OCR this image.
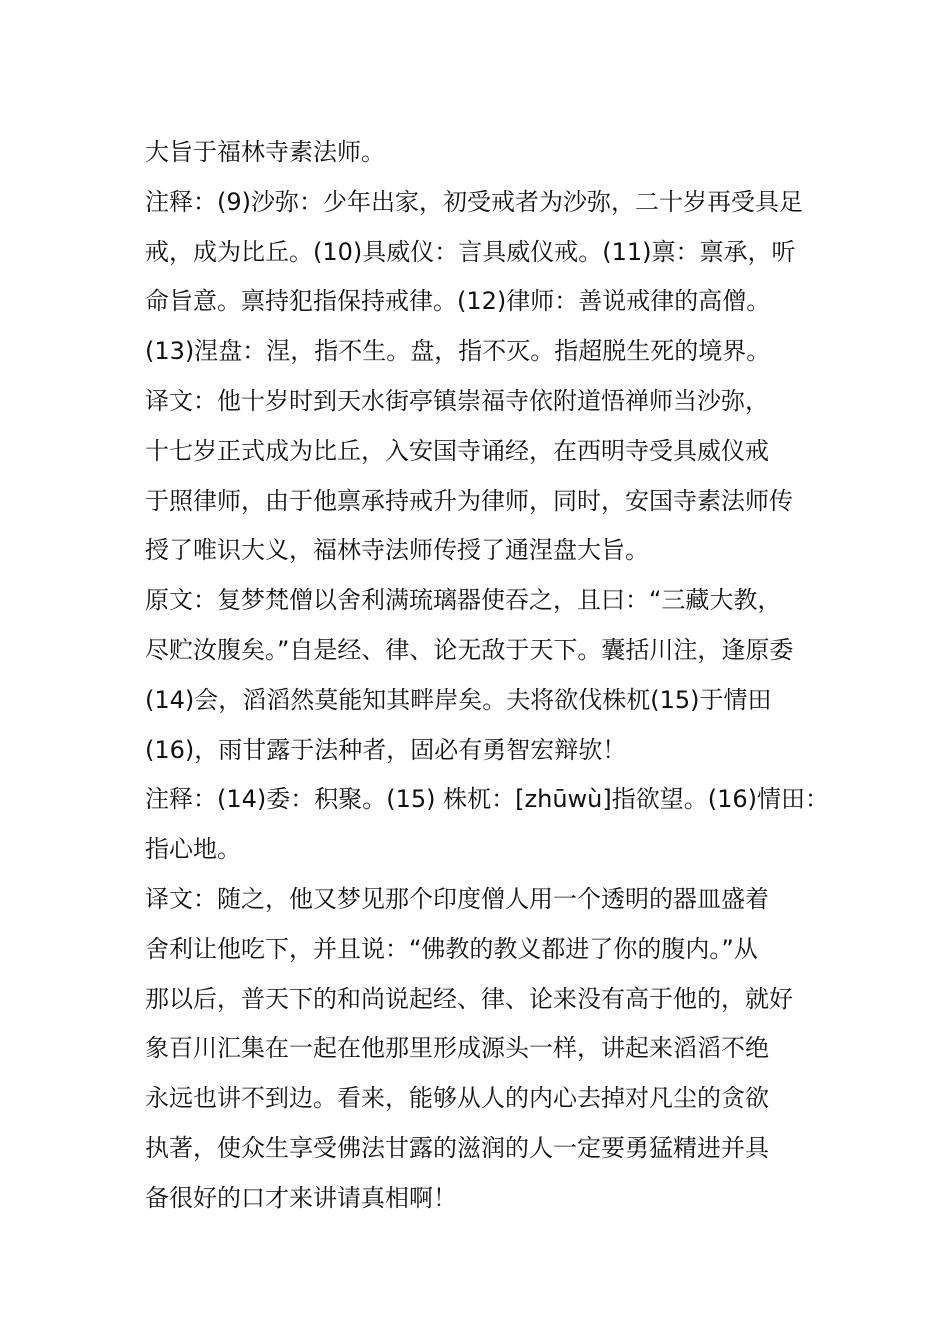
大旨于福林寺素法师。
注释：(9)沙弥：少年出家，初受戒者为沙弥，二十岁再受具足
戒，成为比丘。(10)具威仪：言具威仪戒。(11)禀：禀承，听
命旨意。禀持犯指保持戒律。(12)律师：善说戒律的高僧。
(13)涅盘：涅，指不生。盘，指不灭。指超脱生死的境界。
译文：他十岁时到天水街亭镇崇福寺依附道悟禅师当沙弥，
十七岁正式成为比丘，入安国寺诵经，在西明寺受具威仪戒
于照律师，由于他禀承持戒升为律师，同时，安国寺素法师传
授了唯识大义，福林寺法师传授了通涅盘大旨。
原文：复梦梵僧以舍利满琉璃器使吞之，且曰：“三藏大教，
尽贮汝腹矣。”自是经、律、论无敌于天下。囊括川注，逢原委
(14)会，滔滔然莫能知其畔岸矣。夫将欲伐株杌(15)于情田
(16)，雨甘露于法种者，固必有勇智宏辩欤！
注释：(14)委：积聚。(15) 株杌：[zhūwù]指欲望。(16)情田：
指心地。
译文：随之，他又梦见那个印度僧人用一个透明的器皿盛着
舍利让他吃下，并且说：“佛教的教义都进了你的腹内。”从
那以后，普天下的和尚说起经、律、论来没有高于他的，就好
象百川汇集在一起在他那里形成源头一样，讲起来滔滔不绝
永远也讲不到边。看来，能够从人的内心去掉对凡尘的贪欲
执著，使众生享受佛法甘露的滋润的人一定要勇猛精进并具
备很好的口才来讲请真相啊！
